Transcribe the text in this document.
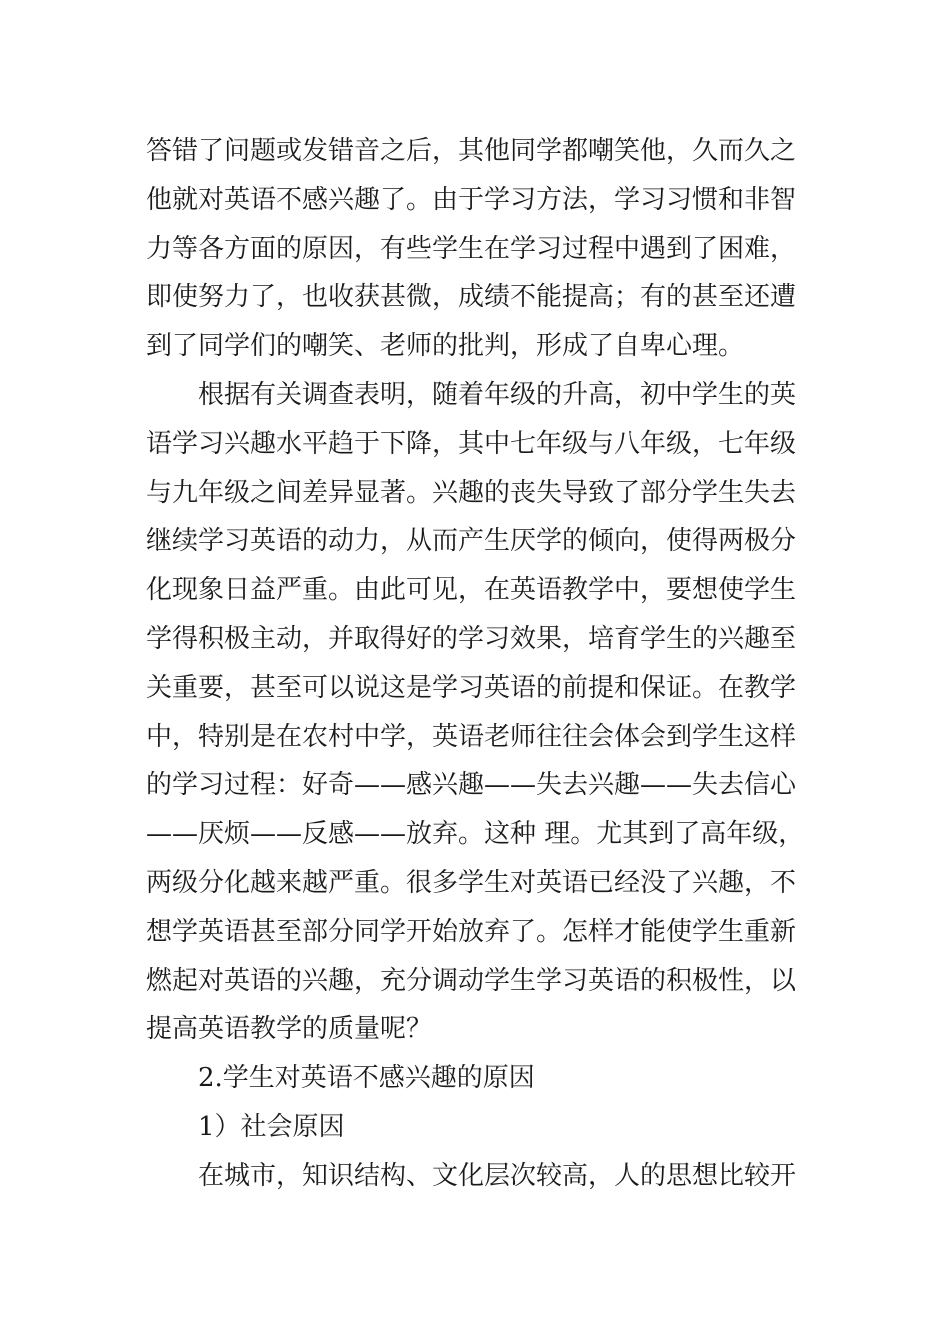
答错了问题或发错音之后，其他同学都嘲笑他，久而久之
他就对英语不感兴趣了。由于学习方法，学习习惯和非智
力等各方面的原因，有些学生在学习过程中遇到了困难，
即使努力了，也收获甚微，成绩不能提高；有的甚至还遭
到了同学们的嘲笑、老师的批判，形成了自卑心理。
根据有关调查表明，随着年级的升高，初中学生的英
语学习兴趣水平趋于下降，其中七年级与八年级，七年级
与九年级之间差异显著。兴趣的丧失导致了部分学生失去
继续学习英语的动力，从而产生厌学的倾向，使得两极分
化现象日益严重。由此可见，在英语教学中，要想使学生
学得积极主动，并取得好的学习效果，培育学生的兴趣至
关重要，甚至可以说这是学习英语的前提和保证。在教学
中，特别是在农村中学，英语老师往往会体会到学生这样
的学习过程：好奇——感兴趣——失去兴趣——失去信心
——厌烦——反感——放弃。这种 理。尤其到了高年级，
两级分化越来越严重。很多学生对英语已经没了兴趣，不
想学英语甚至部分同学开始放弃了。怎样才能使学生重新
燃起对英语的兴趣，充分调动学生学习英语的积极性，以
提高英语教学的质量呢？
2.学生对英语不感兴趣的原因
1）社会原因
在城市，知识结构、文化层次较高，人的思想比较开
